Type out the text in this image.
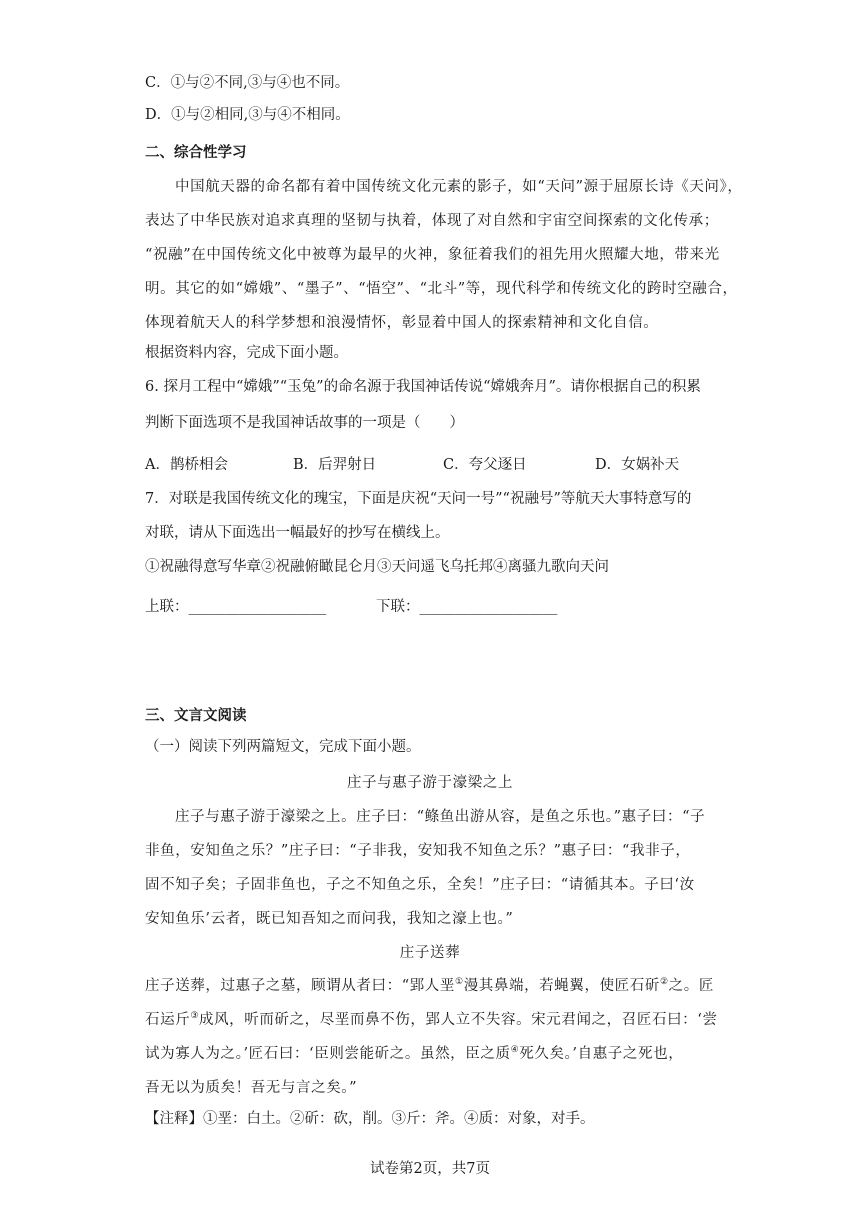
C．①与②不同,③与④也不同。
D．①与②相同,③与④不相同。
二、综合性学习
中国航天器的命名都有着中国传统文化元素的影子，如“天问”源于屈原长诗《天问》，
表达了中华民族对追求真理的坚韧与执着，体现了对自然和宇宙空间探索的文化传承；
“祝融”在中国传统文化中被尊为最早的火神，象征着我们的祖先用火照耀大地，带来光
明。其它的如“嫦娥”、“墨子”、“悟空”、“北斗”等，现代科学和传统文化的跨时空融合，
体现着航天人的科学梦想和浪漫情怀，彰显着中国人的探索精神和文化自信。
根据资料内容，完成下面小题。
6. 探月工程中“嫦娥”“玉兔”的命名源于我国神话传说“嫦娥奔月”。请你根据自己的积累
判断下面选项不是我国神话故事的一项是（　　）
A．鹊桥相会	B．后羿射日	C．夸父逐日	D．女娲补天
7．对联是我国传统文化的瑰宝，下面是庆祝“天问一号”“祝融号”等航天大事特意写的
对联，请从下面选出一幅最好的抄写在横线上。
①祝融得意写华章②祝融俯瞰昆仑月③天问遥飞乌托邦④离骚九歌向天问
上联：___________________	下联：___________________
三、文言文阅读
（一）阅读下列两篇短文，完成下面小题。
庄子与惠子游于濠梁之上
庄子与惠子游于濠梁之上。庄子曰：“鲦鱼出游从容，是鱼之乐也。”惠子曰：“子
非鱼，安知鱼之乐？”庄子曰：“子非我，安知我不知鱼之乐？”惠子曰：“我非子，
固不知子矣；子固非鱼也，子之不知鱼之乐，全矣！”庄子曰：“请循其本。子曰‘汝
安知鱼乐’云者，既已知吾知之而问我，我知之濠上也。”
庄子送葬
庄子送葬，过惠子之墓，顾谓从者曰：“郢人垩①漫其鼻端，若蝇翼，使匠石斫②之。匠
石运斤③成风，听而斫之，尽垩而鼻不伤，郢人立不失容。宋元君闻之，召匠石曰：‘尝
试为寡人为之。’匠石曰：‘臣则尝能斫之。虽然，臣之质④死久矣。’自惠子之死也，
吾无以为质矣！吾无与言之矣。”
【注释】①垩：白土。②斫：砍，削。③斤：斧。④质：对象，对手。
试卷第2页，共7页
